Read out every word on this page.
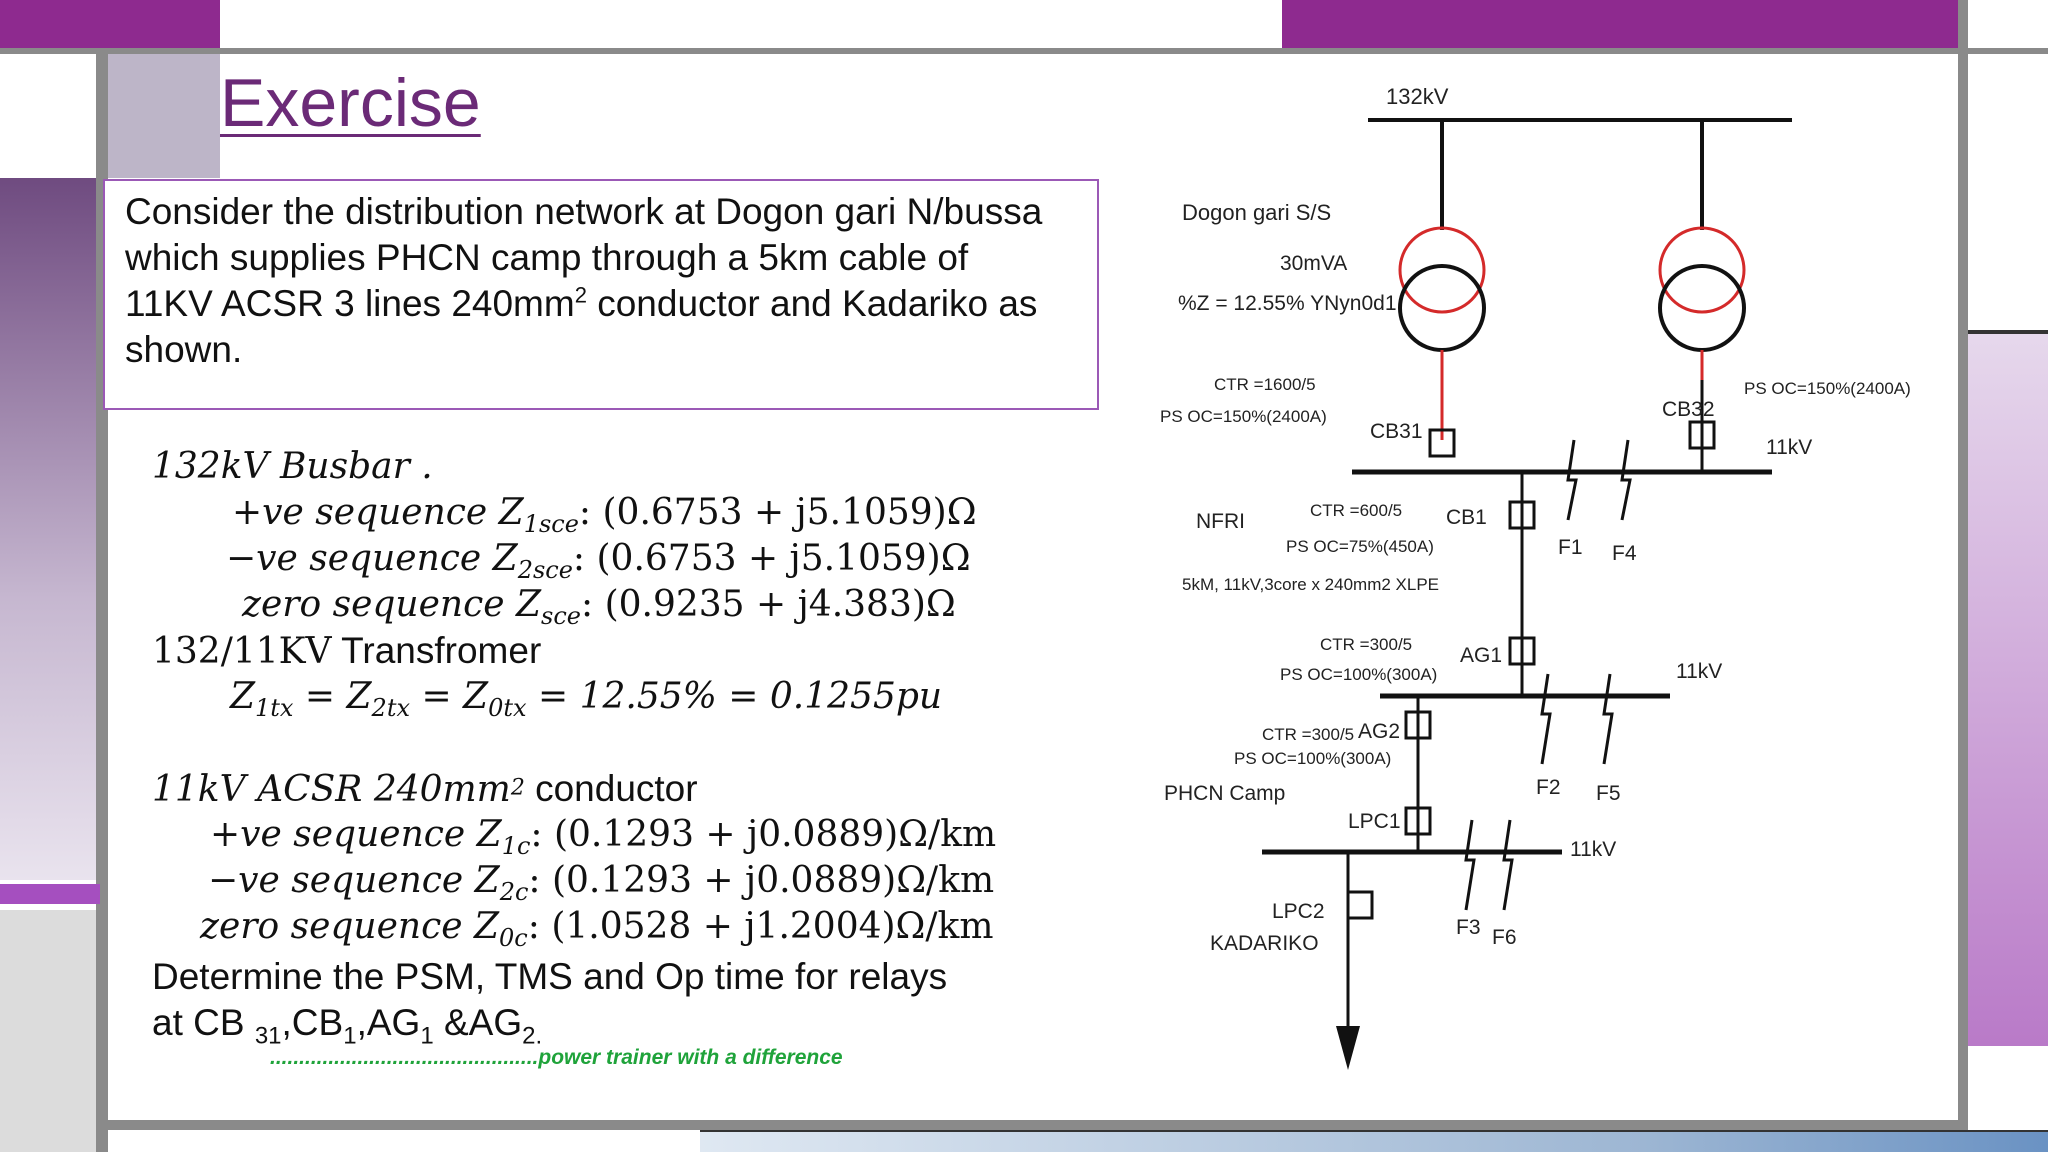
Exercise
Consider the distribution network at Dogon gari N/bussa
which supplies PHCN camp through a 5km cable of
11KV ACSR 3 lines $240mm^2$ conductor and Kadariko as
shown.
132kV Busbar .
+ve sequence $Z_{1sce}$: (0.6753 + j5.1059)Ω
−ve sequence $Z_{2sce}$: (0.6753 + j5.1059)Ω
zero sequence $Z_{sce}$: (0.9235 + j4.383)Ω
132/11KV Transfromer
$Z_{1tx} = Z_{2tx} = Z_{0tx} = 12.55\% = 0.1255pu$
11kV ACSR $240mm^2$ conductor
+ve sequence $Z_{1c}$: (0.1293 + j0.0889)Ω/km
−ve sequence $Z_{2c}$: (0.1293 + j0.0889)Ω/km
zero sequence $Z_{0c}$: (1.0528 + j1.2004)Ω/km
Determine the PSM, TMS and Op time for relays
at CB $_{31},CB_1,AG_1$ $\&AG_{2.}$
..............................................power trainer with a difference
132kV
Dogon gari S/S
30mVA
%Z = 12.55% YNyn0d1
CTR =1600/5
PS OC=150%(2400A)
CB31
CB32
PS OC=150%(2400A)
11kV
NFRI	CTR =600/5
PS OC=75%(450A)
CB1
5kM, 11kV,3core x 240mm2 XLPE
F1 F4
CTR =300/5
PS OC=100%(300A)
AG1
11kV
CTR =300/5 AG2
PS OC=100%(300A)
PHCN Camp	F2 F5
LPC1
11kV
LPC2
KADARIKO
F3 F6
